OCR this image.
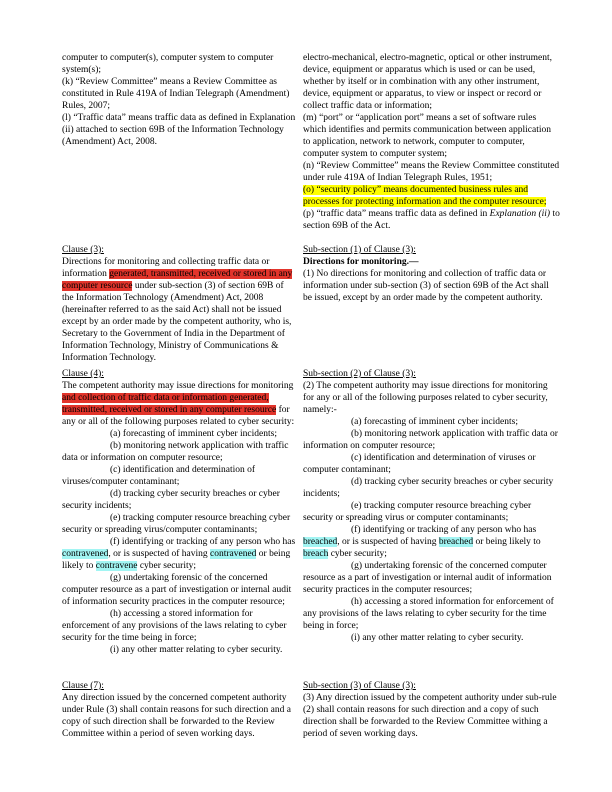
computer to computer(s), computer system to computer system(s);

(k) “Review Committee” means a Review Committee as constituted in Rule 419A of Indian Telegraph (Amendment) Rules, 2007;

(l) “Traffic data” means traffic data as defined in Explanation (ii) attached to section 69B of the Information Technology (Amendment) Act, 2008.

electro-mechanical, electro-magnetic, optical or other instrument, device, equipment or apparatus which is used or can be used, whether by itself or in combination with any other instrument, device, equipment or apparatus, to view or inspect or record or collect traffic data or information;

(m) “port” or “application port” means a set of software rules which identifies and permits communication between application to application, network to network, computer to computer, computer system to computer system;

(n) “Review Committee” means the Review Committee constituted under rule 419A of Indian Telegraph Rules, 1951;

(o) “security policy” means documented business rules and processes for protecting information and the computer resource;

(p) “traffic data” means traffic data as defined in Explanation (ii) to section 69B of the Act.

Clause (3):

Directions for monitoring and collecting traffic data or information generated, transmitted, received or stored in any computer resource under sub-section (3) of section 69B of the Information Technology (Amendment) Act, 2008 (hereinafter referred to as the said Act) shall not be issued except by an order made by the competent authority, who is, Secretary to the Government of India in the Department of Information Technology, Ministry of Communications & Information Technology.

Sub-section (1) of Clause (3):

Directions for monitoring.—

(1) No directions for monitoring and collection of traffic data or information under sub-section (3) of section 69B of the Act shall be issued, except by an order made by the competent authority.

Clause (4):

The competent authority may issue directions for monitoring and collection of traffic data or information generated, transmitted, received or stored in any computer resource for any or all of the following purposes related to cyber security:

(a) forecasting of imminent cyber incidents;

(b) monitoring network application with traffic data or information on computer resource;

(c) identification and determination of viruses/computer contaminant;

(d) tracking cyber security breaches or cyber security incidents;

(e) tracking computer resource breaching cyber security or spreading virus/computer contaminants;

(f) identifying or tracking of any person who has contravened, or is suspected of having contravened or being likely to contravene cyber security;

(g) undertaking forensic of the concerned computer resource as a part of investigation or internal audit of information security practices in the computer resource;

(h) accessing a stored information for enforcement of any provisions of the laws relating to cyber security for the time being in force;

(i) any other matter relating to cyber security.

Sub-section (2) of Clause (3):

(2) The competent authority may issue directions for monitoring for any or all of the following purposes related to cyber security, namely:-

(a) forecasting of imminent cyber incidents;

(b) monitoring network application with traffic data or information on computer resource;

(c) identification and determination of viruses or computer contaminant;

(d) tracking cyber security breaches or cyber security incidents;

(e) tracking computer resource breaching cyber security or spreading virus or computer contaminants;

(f) identifying or tracking of any person who has breached, or is suspected of having breached or being likely to breach cyber security;

(g) undertaking forensic of the concerned computer resource as a part of investigation or internal audit of information security practices in the computer resources;

(h) accessing a stored information for enforcement of any provisions of the laws relating to cyber security for the time being in force;

(i) any other matter relating to cyber security.

Clause (7):

Any direction issued by the concerned competent authority under Rule (3) shall contain reasons for such direction and a copy of such direction shall be forwarded to the Review Committee within a period of seven working days.

Sub-section (3) of Clause (3):

(3) Any direction issued by the competent authority under sub-rule (2) shall contain reasons for such direction and a copy of such direction shall be forwarded to the Review Committee withing a period of seven working days.
